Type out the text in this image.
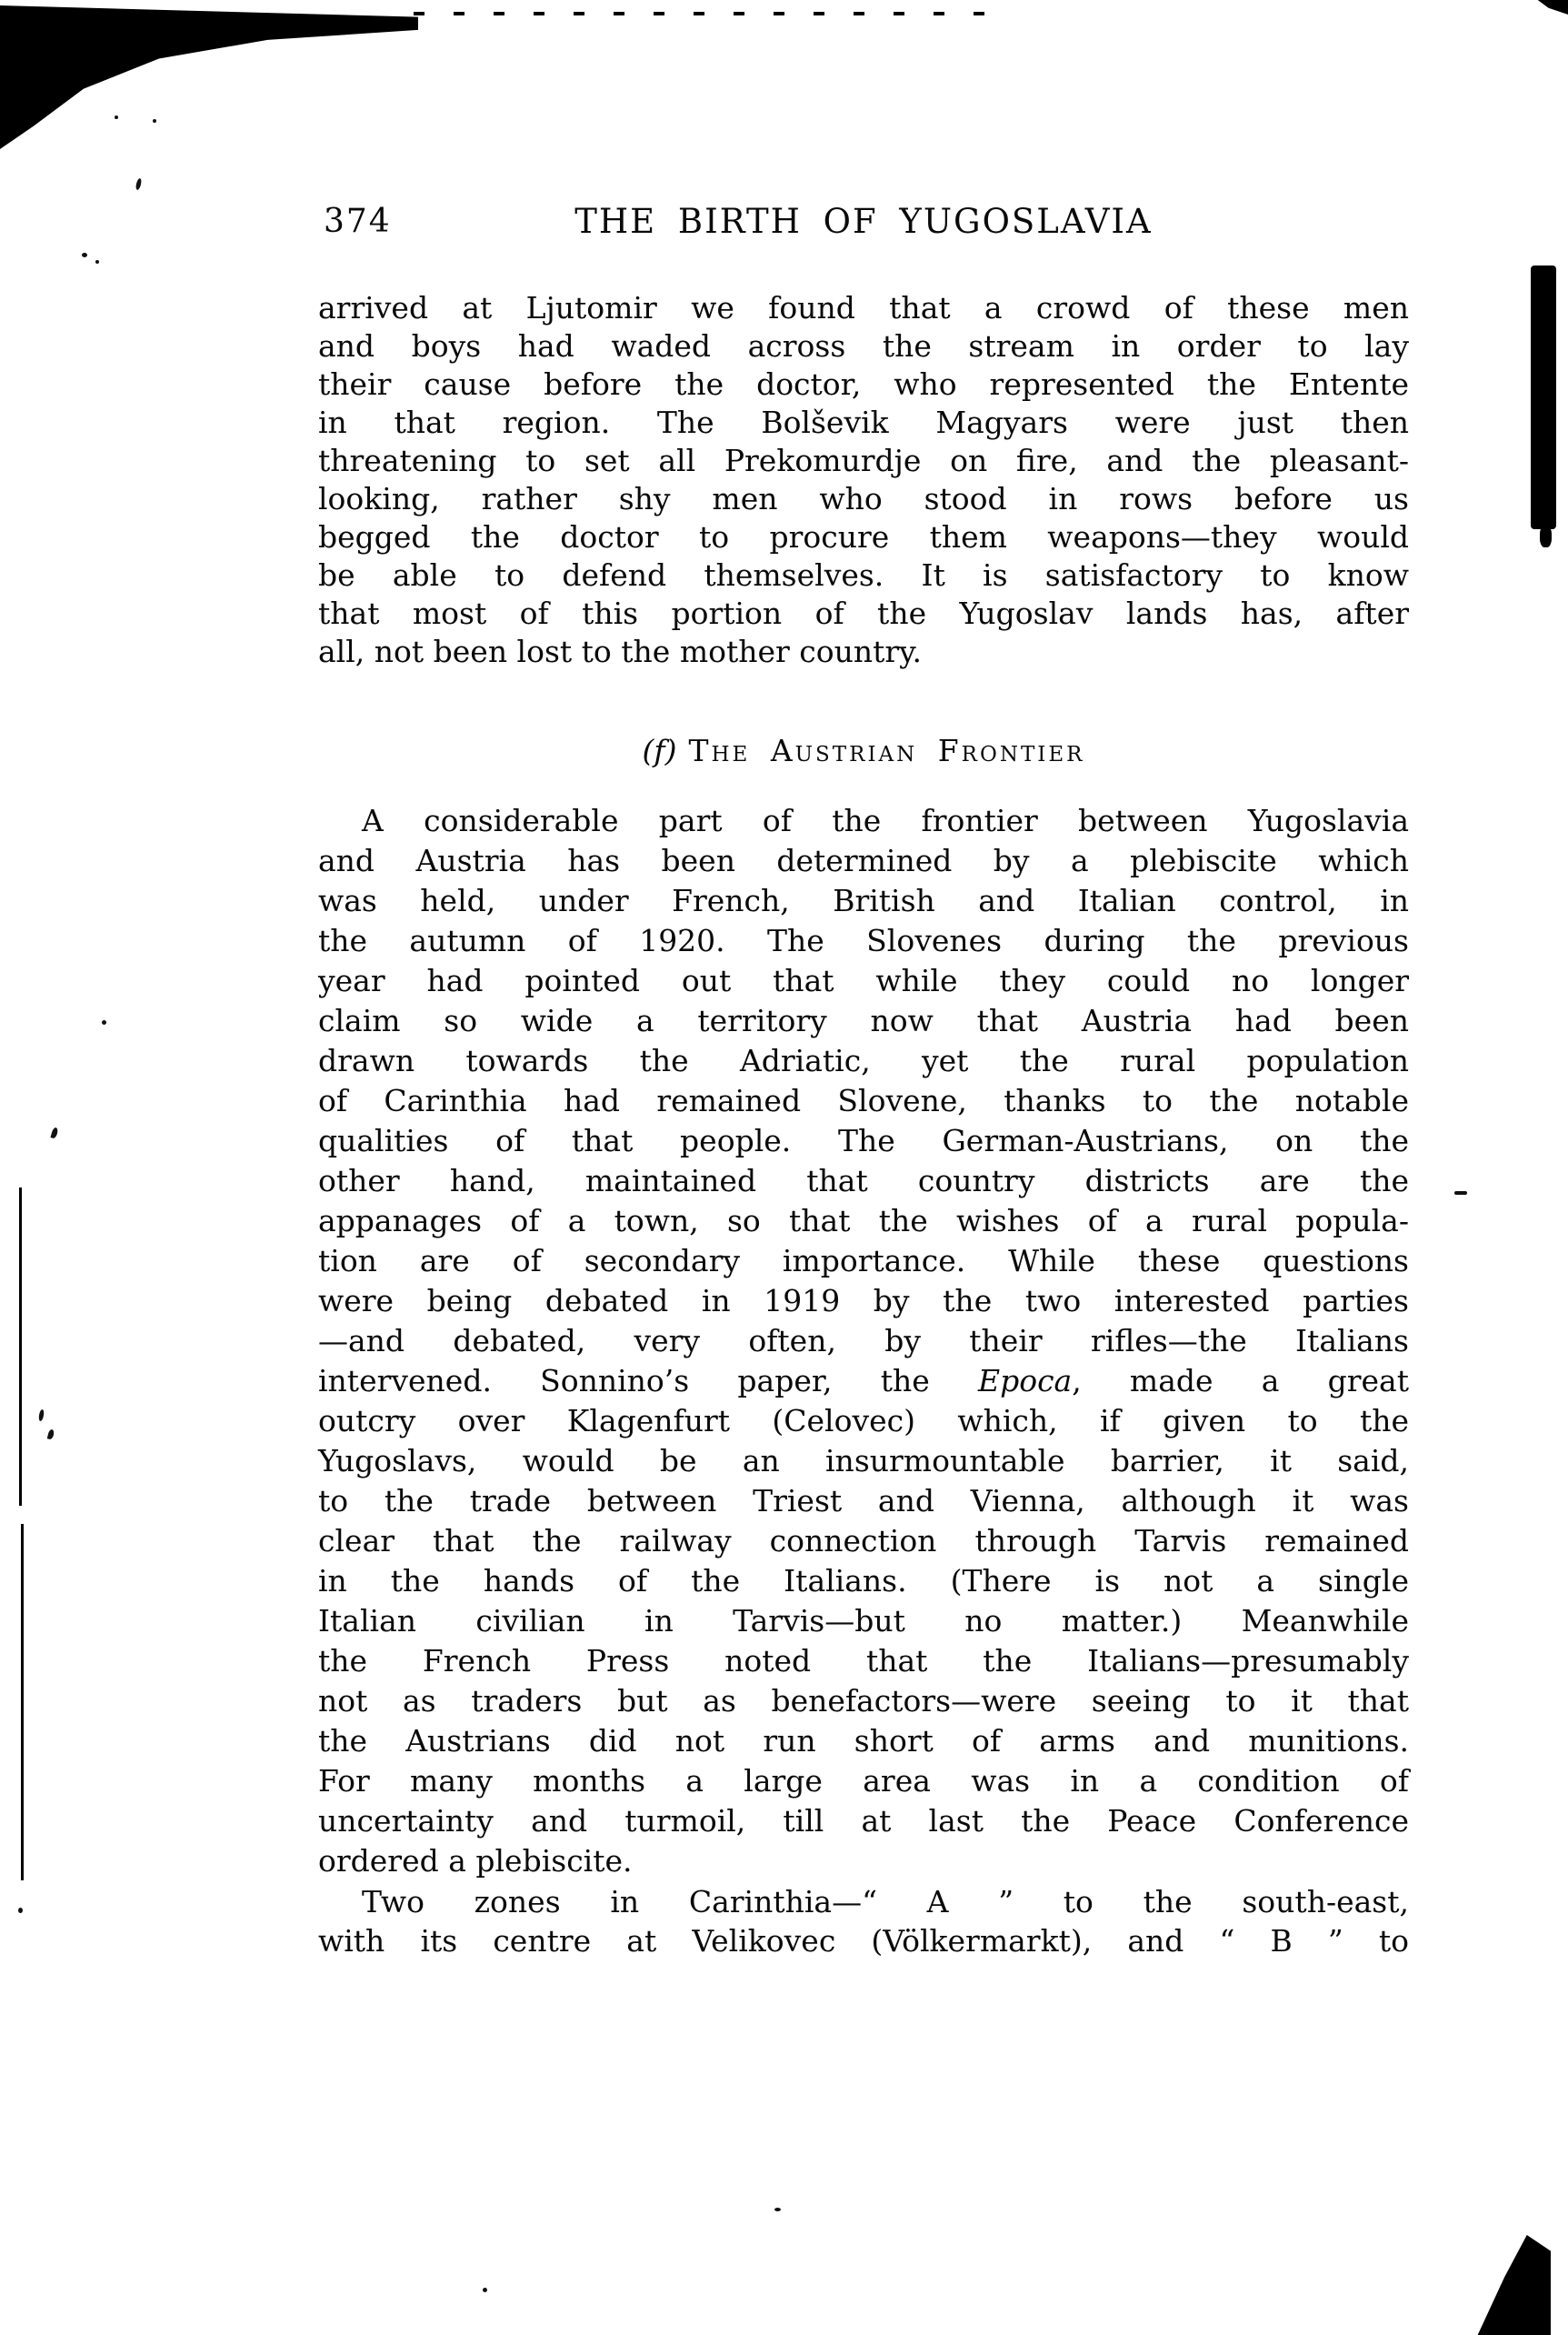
374	THE BIRTH OF YUGOSLAVIA
arrived at Ljutomir we found that a crowd of these men
and boys had waded across the stream in order to lay
their cause before the doctor, who represented the Entente
in that region. The Bolševik Magyars were just then
threatening to set all Prekomurdje on fire, and the pleasant-
looking, rather shy men who stood in rows before us
begged the doctor to procure them weapons—they would
be able to defend themselves. It is satisfactory to know
that most of this portion of the Yugoslav lands has, after
all, not been lost to the mother country.
(f) The Austrian Frontier
A considerable part of the frontier between Yugoslavia
and Austria has been determined by a plebiscite which
was held, under French, British and Italian control, in
the autumn of 1920. The Slovenes during the previous
year had pointed out that while they could no longer
claim so wide a territory now that Austria had been
drawn towards the Adriatic, yet the rural population
of Carinthia had remained Slovene, thanks to the notable
qualities of that people. The German-Austrians, on the
other hand, maintained that country districts are the
appanages of a town, so that the wishes of a rural popula-
tion are of secondary importance. While these questions
were being debated in 1919 by the two interested parties
—and debated, very often, by their rifles—the Italians
intervened. Sonnino’s paper, the Epoca, made a great
outcry over Klagenfurt (Celovec) which, if given to the
Yugoslavs, would be an insurmountable barrier, it said,
to the trade between Triest and Vienna, although it was
clear that the railway connection through Tarvis remained
in the hands of the Italians. (There is not a single
Italian civilian in Tarvis—but no matter.) Meanwhile
the French Press noted that the Italians—presumably
not as traders but as benefactors—were seeing to it that
the Austrians did not run short of arms and munitions.
For many months a large area was in a condition of
uncertainty and turmoil, till at last the Peace Conference
ordered a plebiscite.
Two zones in Carinthia—“ A ” to the south-east,
with its centre at Velikovec (Völkermarkt), and “ B ” to
